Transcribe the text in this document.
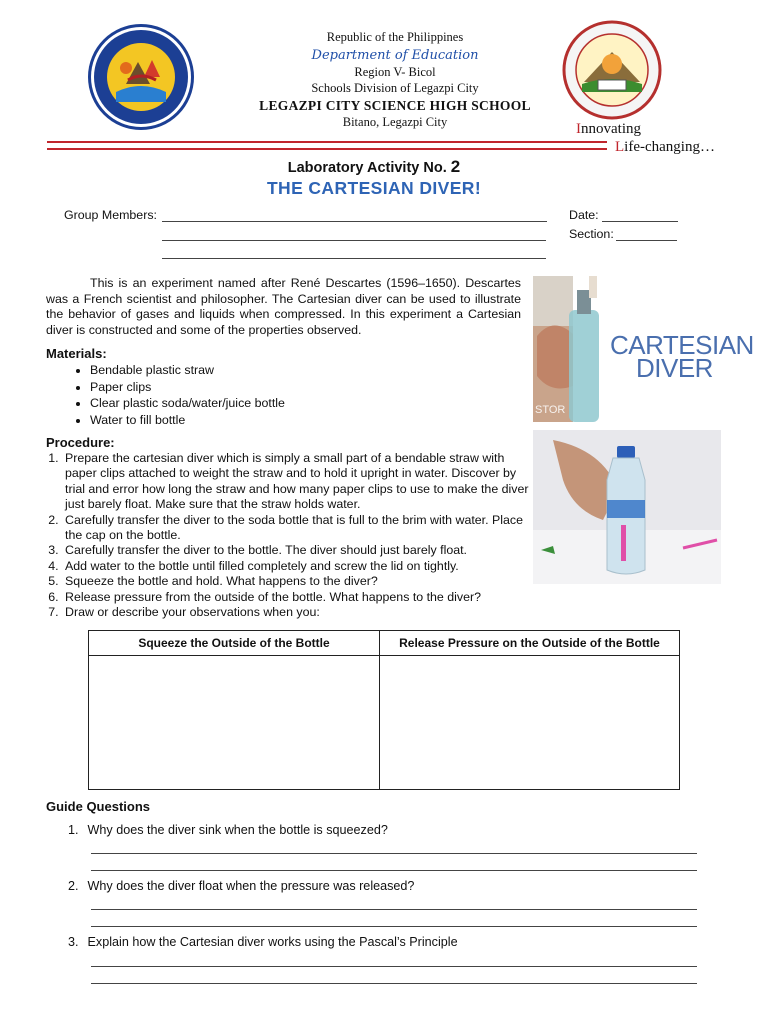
Republic of the Philippines
Department of Education
Region V- Bicol
Schools Division of Legazpi City
LEGAZPI CITY SCIENCE HIGH SCHOOL
Bitano, Legazpi City	Innovating
Life-changing…
Laboratory Activity No. 2
THE CARTESIAN DIVER!
Group Members:	Date:
Section:
This is an experiment named after René Descartes (1596–1650). Descartes was a French scientist and philosopher. The Cartesian diver can be used to illustrate the behavior of gases and liquids when compressed. In this experiment a Cartesian diver is constructed and some of the properties observed.
CARTESIAN
DIVER
STOR
Materials:
• Bendable plastic straw
• Paper clips
• Clear plastic soda/water/juice bottle
• Water to fill bottle
Procedure:
1. Prepare the cartesian diver which is simply a small part of a bendable straw with paper clips attached to weight the straw and to hold it upright in water. Discover by trial and error how long the straw and how many paper clips to use to make the diver just barely float. Make sure that the straw holds water.
2. Carefully transfer the diver to the soda bottle that is full to the brim with water. Place the cap on the bottle.
3. Carefully transfer the diver to the bottle. The diver should just barely float.
4. Add water to the bottle until filled completely and screw the lid on tightly.
5. Squeeze the bottle and hold. What happens to the diver?
6. Release pressure from the outside of the bottle. What happens to the diver?
7. Draw or describe your observations when you:
Squeeze the Outside of the Bottle	Release Pressure on the Outside of the Bottle

Guide Questions
1. Why does the diver sink when the bottle is squeezed?
2. Why does the diver float when the pressure was released?
3. Explain how the Cartesian diver works using the Pascal’s Principle
